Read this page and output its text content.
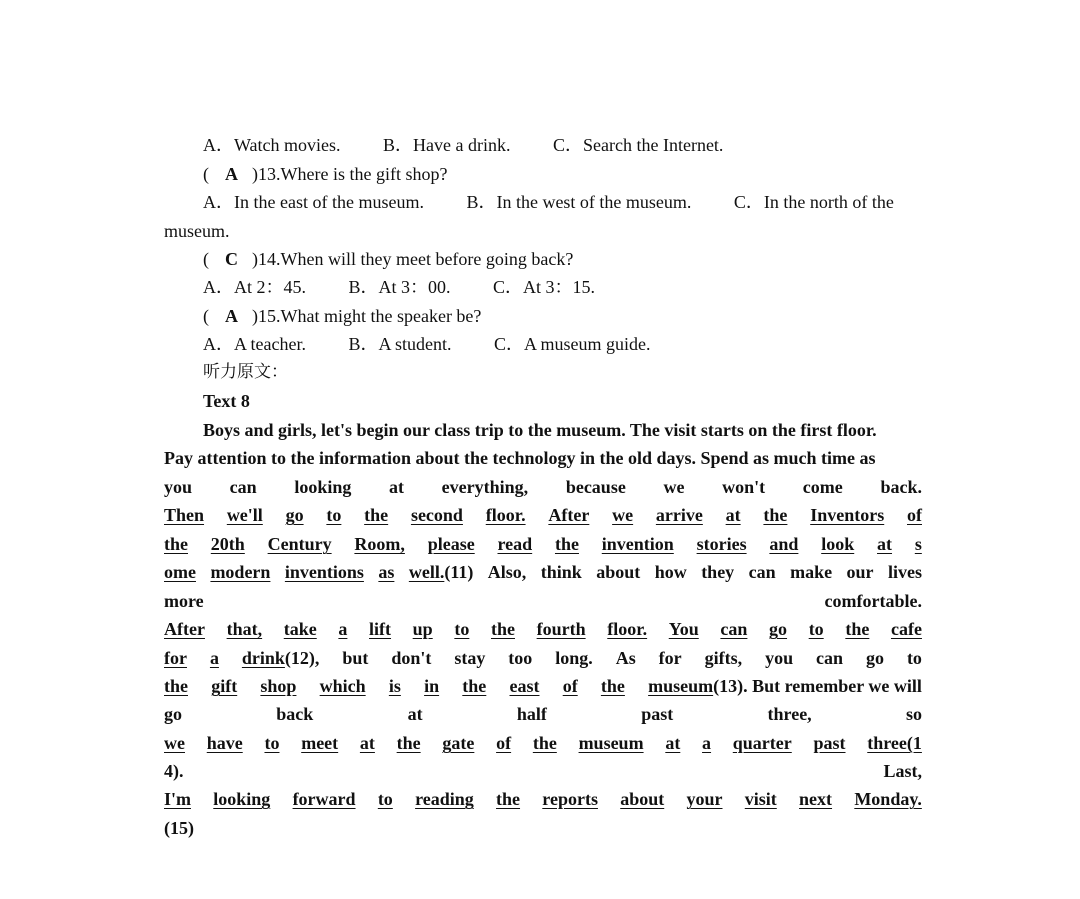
A．Watch movies. B．Have a drink. C．Search the Internet.
( A )13.Where is the gift shop?
A．In the east of the museum. B．In the west of the museum. C．In the north of the
museum.
( C )14.When will they meet before going back?
A．At 2：45. B．At 3：00. C．At 3：15.
( A )15.What might the speaker be?
A．A teacher. B．A student. C．A museum guide.
听力原文：
Text 8
Boys and girls, let's begin our class trip to the museum. The visit starts on the first floor.
Pay attention to the information about the technology in the old days. Spend as much time as
you can looking at everything, because we won't come back.
Then we'll go to the second floor. After we arrive at the Inventors of
the 20th Century Room, please read the invention stories and look at s
ome modern inventions as well.(11) Also, think about how they can make our lives
more	comfortable.
After that, take a lift up to the fourth floor. You can go to the cafe
for a drink(12), but don't stay too long. As for gifts, you can go to
the gift shop which is in the east of the museum(13). But remember we will
go	back	at	half	past	three,	so
we have to meet at the gate of the museum at a quarter past three(1
4).	Last,
I'm looking forward to reading the reports about your visit next Monday.
(15)
